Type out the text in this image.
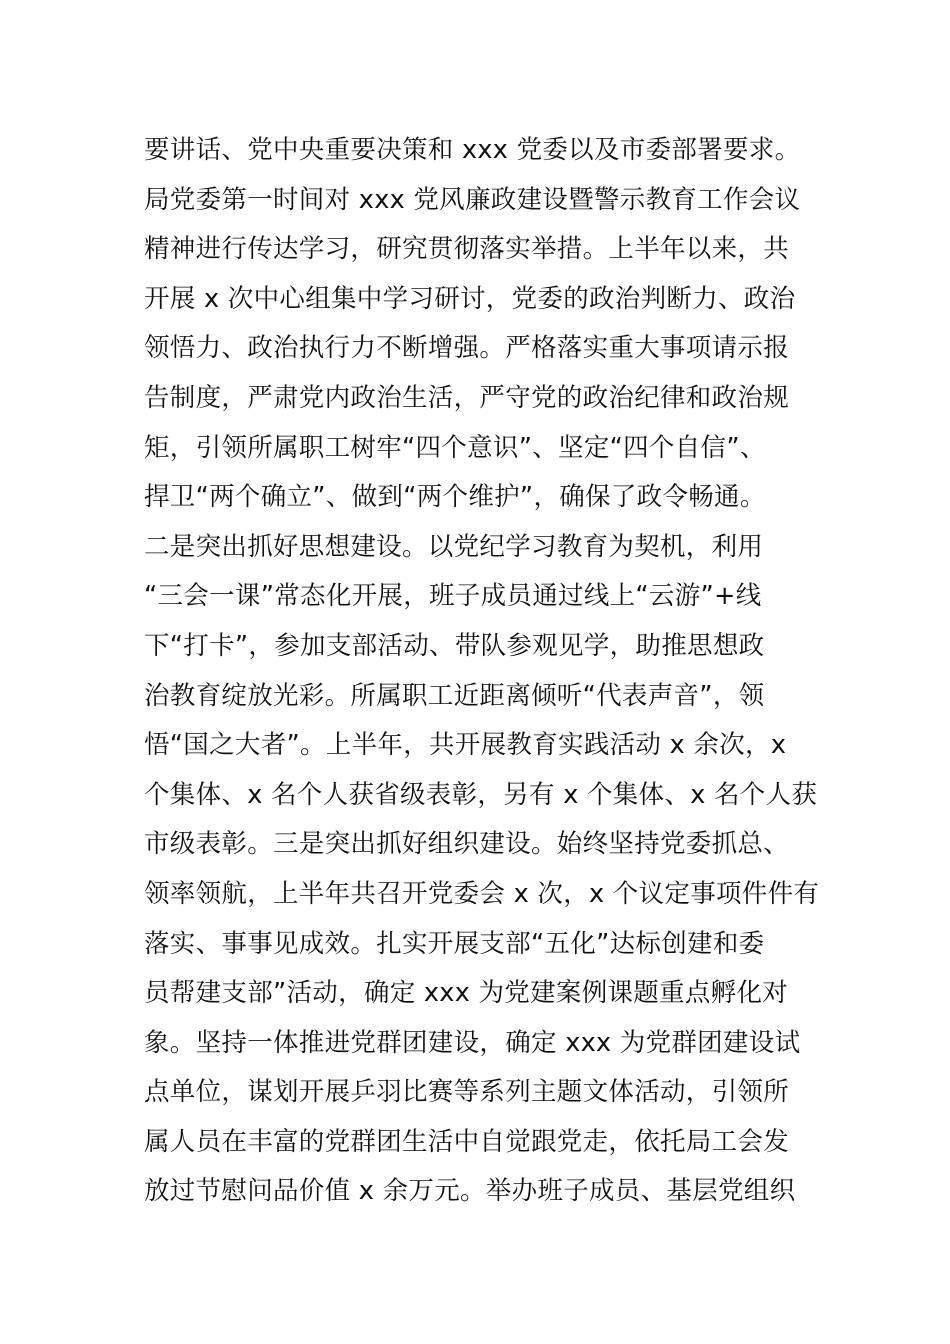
要讲话、党中央重要决策和 xxx 党委以及市委部署要求。
局党委第一时间对 xxx 党风廉政建设暨警示教育工作会议
精神进行传达学习，研究贯彻落实举措。上半年以来，共
开展 x 次中心组集中学习研讨，党委的政治判断力、政治
领悟力、政治执行力不断增强。严格落实重大事项请示报
告制度，严肃党内政治生活，严守党的政治纪律和政治规
矩，引领所属职工树牢“四个意识”、坚定“四个自信”、
捍卫“两个确立”、做到“两个维护”，确保了政令畅通。
二是突出抓好思想建设。以党纪学习教育为契机，利用
“三会一课”常态化开展，班子成员通过线上“云游”+线
下“打卡”，参加支部活动、带队参观见学，助推思想政
治教育绽放光彩。所属职工近距离倾听“代表声音”，领
悟“国之大者”。上半年，共开展教育实践活动 x 余次，x
个集体、x 名个人获省级表彰，另有 x 个集体、x 名个人获
市级表彰。三是突出抓好组织建设。始终坚持党委抓总、
领率领航，上半年共召开党委会 x 次，x 个议定事项件件有
落实、事事见成效。扎实开展支部“五化”达标创建和委
员帮建支部”活动，确定 xxx 为党建案例课题重点孵化对
象。坚持一体推进党群团建设，确定 xxx 为党群团建设试
点单位，谋划开展乒羽比赛等系列主题文体活动，引领所
属人员在丰富的党群团生活中自觉跟党走，依托局工会发
放过节慰问品价值 x 余万元。举办班子成员、基层党组织
